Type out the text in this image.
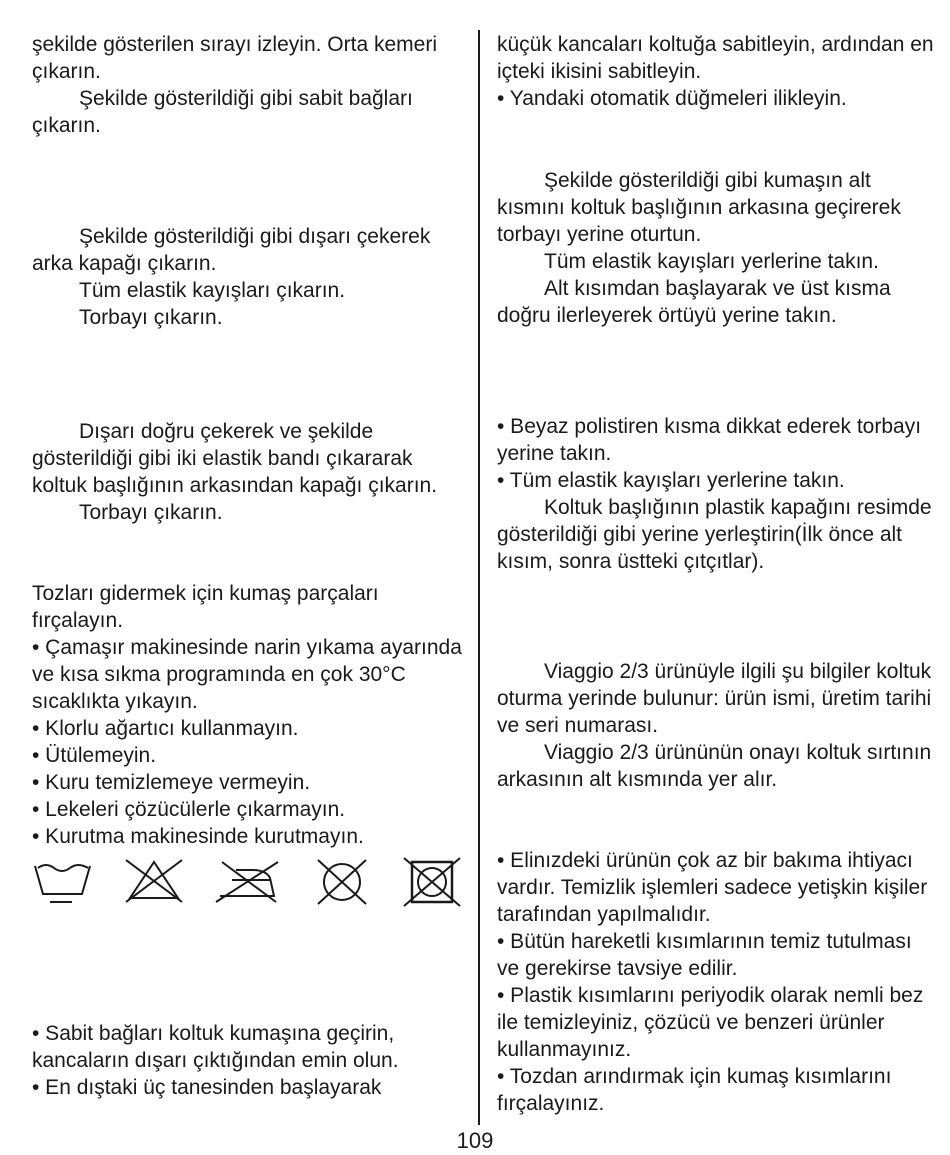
şekilde gösterilen sırayı izleyin. Orta kemeri çıkarın.

Şekilde gösterildiği gibi sabit bağları çıkarın.

Şekilde gösterildiği gibi dışarı çekerek arka kapağı çıkarın.

Tüm elastik kayışları çıkarın.

Torbayı çıkarın.

Dışarı doğru çekerek ve şekilde gösterildiği gibi iki elastik bandı çıkararak koltuk başlığının arkasından kapağı çıkarın.

Torbayı çıkarın.

Tozları gidermek için kumaş parçaları fırçalayın.

• Çamaşır makinesinde narin yıkama ayarında ve kısa sıkma programında en çok 30°C sıcaklıkta yıkayın.

• Klorlu ağartıcı kullanmayın.

• Ütülemeyin.

• Kuru temizlemeye vermeyin.

• Lekeleri çözücülerle çıkarmayın.

• Kurutma makinesinde kurutmayın.

• Sabit bağları koltuk kumaşına geçirin, kancaların dışarı çıktığından emin olun.

• En dıştaki üç tanesinden başlayarak

küçük kancaları koltuğa sabitleyin, ardından en içteki ikisini sabitleyin.

• Yandaki otomatik düğmeleri ilikleyin.

Şekilde gösterildiği gibi kumaşın alt kısmını koltuk başlığının arkasına geçirerek torbayı yerine oturtun.

Tüm elastik kayışları yerlerine takın.

Alt kısımdan başlayarak ve üst kısma doğru ilerleyerek örtüyü yerine takın.

• Beyaz polistiren kısma dikkat ederek torbayı yerine takın.

• Tüm elastik kayışları yerlerine takın.

Koltuk başlığının plastik kapağını resimde gösterildiği gibi yerine yerleştirin(İlk önce alt kısım, sonra üstteki çıtçıtlar).

Viaggio 2/3 ürünüyle ilgili şu bilgiler koltuk oturma yerinde bulunur: ürün ismi, üretim tarihi ve seri numarası.

Viaggio 2/3 ürününün onayı koltuk sırtının arkasının alt kısmında yer alır.

• Elinızdeki ürünün çok az bir bakıma ihtiyacı vardır. Temizlik işlemleri sadece yetişkin kişiler tarafından yapılmalıdır.

• Bütün hareketli kısımlarının temiz tutulması ve gerekirse tavsiye edilir.

• Plastik kısımlarını periyodik olarak nemli bez ile temizleyiniz, çözücü ve benzeri ürünler kullanmayınız.

• Tozdan arındırmak için kumaş kısımlarını fırçalayınız.

109
